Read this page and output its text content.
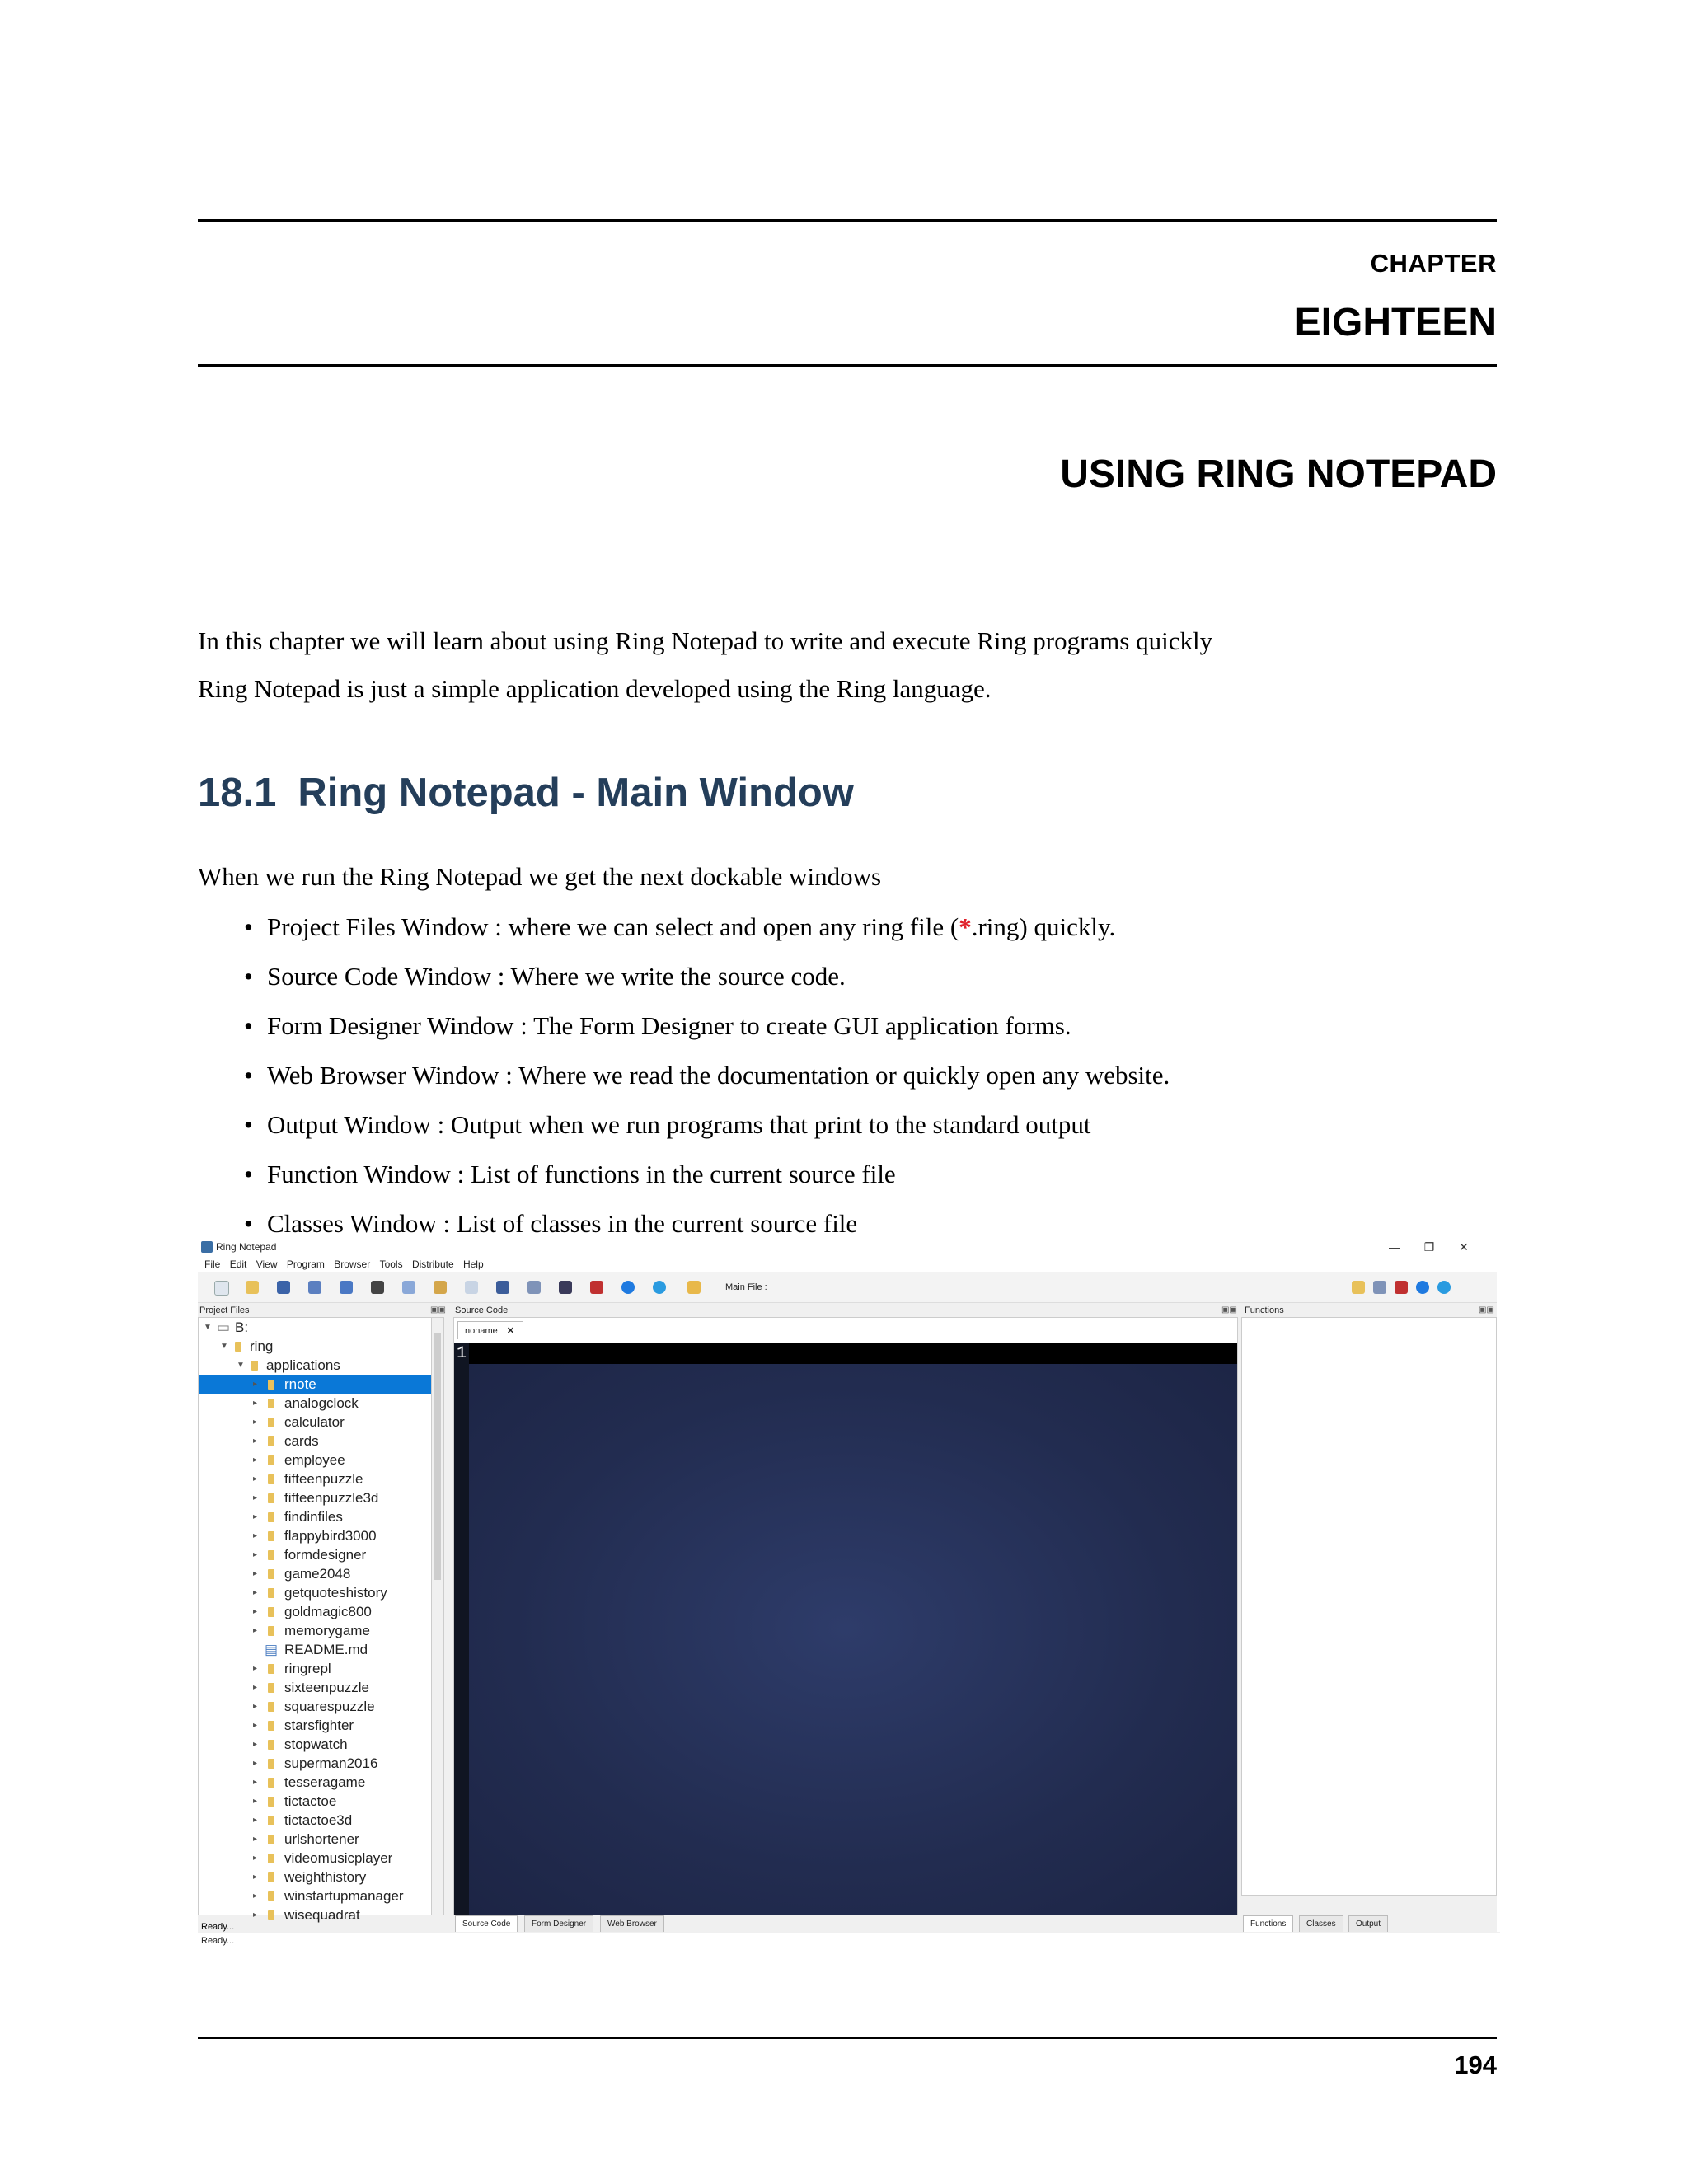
CHAPTER
EIGHTEEN
USING RING NOTEPAD
In this chapter we will learn about using Ring Notepad to write and execute Ring programs quickly
Ring Notepad is just a simple application developed using the Ring language.
18.1 Ring Notepad - Main Window
When we run the Ring Notepad we get the next dockable windows
• Project Files Window : where we can select and open any ring file (*.ring) quickly.
• Source Code Window : Where we write the source code.
• Form Designer Window : The Form Designer to create GUI application forms.
• Web Browser Window : Where we read the documentation or quickly open any website.
• Output Window : Output when we run programs that print to the standard output
• Function Window : List of functions in the current source file
• Classes Window : List of classes in the current source file
Ring Notepad	—	❐	✕
File Edit View Program Browser Tools Distribute Help
Main File :
Project Files	▣▣ Source Code	▣▣ Functions	▣▣
▼ ▭ B:
▼ ring
▼ applications
▸ rnote
▸ analogclock
▸ calculator
▸ cards
▸ employee
▸ fifteenpuzzle
▸ fifteenpuzzle3d
▸ findinfiles
▸ flappybird3000
▸ formdesigner
▸ game2048
▸ getquoteshistory
▸ goldmagic800
▸ memorygame
▤ README.md
▸ ringrepl
▸ sixteenpuzzle
▸ squarespuzzle
▸ starsfighter
▸ stopwatch
▸ superman2016
▸ tesseragame
▸ tictactoe
▸ tictactoe3d
▸ urlshortener
▸ videomusicplayer
▸ weighthistory
▸ winstartupmanager
▸ wisequadrat
noname ✕
1
Source Code	Form Designer	Web Browser	Functions	Classes	Output
Ready...
Ready...
194
